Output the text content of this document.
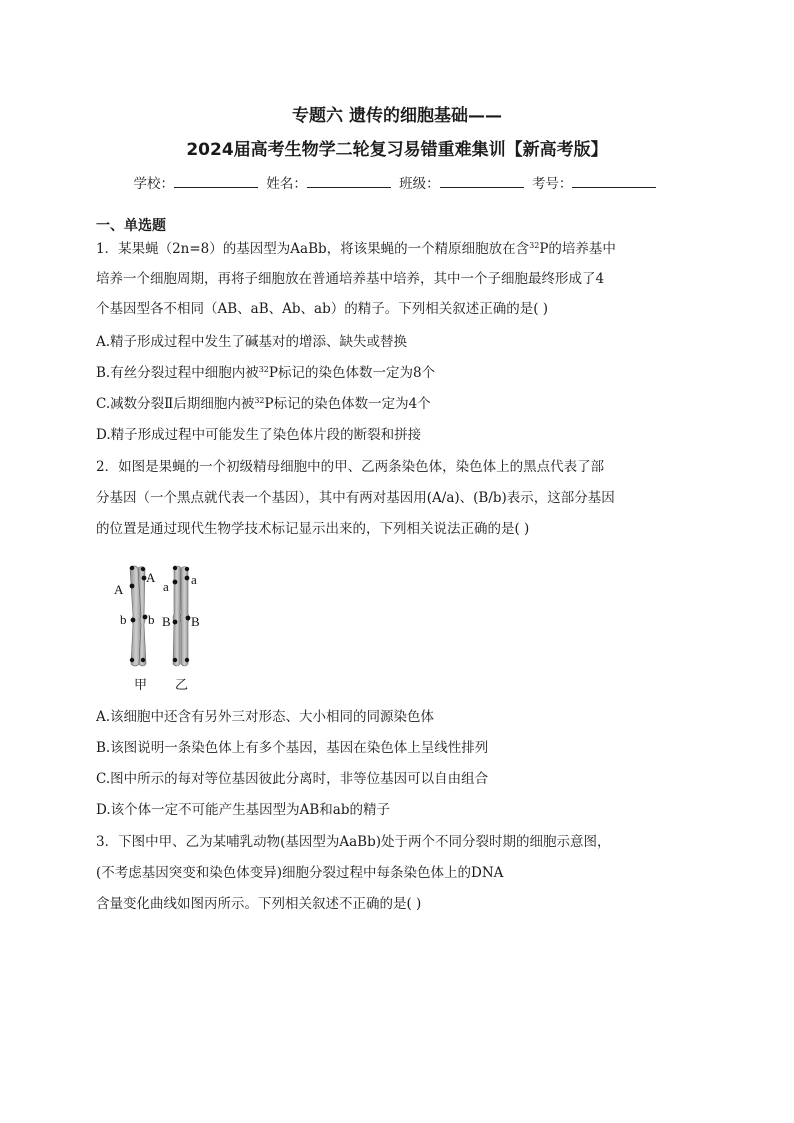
专题六 遗传的细胞基础——
2024届高考生物学二轮复习易错重难集训【新高考版】
学校：	姓名：	班级：	考号：
一、单选题
1．某果蝇（2n=8）的基因型为AaBb，将该果蝇的一个精原细胞放在含$^{32}$P的培养基中
培养一个细胞周期，再将子细胞放在普通培养基中培养，其中一个子细胞最终形成了4
个基因型各不相同（AB、aB、Ab、ab）的精子。下列相关叙述正确的是( )
A.精子形成过程中发生了碱基对的增添、缺失或替换
B.有丝分裂过程中细胞内被$^{32}$P标记的染色体数一定为8个
C.减数分裂Ⅱ后期细胞内被$^{32}$P标记的染色体数一定为4个
D.精子形成过程中可能发生了染色体片段的断裂和拼接
2．如图是果蝇的一个初级精母细胞中的甲、乙两条染色体，染色体上的黑点代表了部
分基因（一个黑点就代表一个基因），其中有两对基因用(A/a)、(B/b)表示，这部分基因
的位置是通过现代生物学技术标记显示出来的，下列相关说法正确的是( )
A
A
b b
a a
B B
甲 乙
A.该细胞中还含有另外三对形态、大小相同的同源染色体
B.该图说明一条染色体上有多个基因，基因在染色体上呈线性排列
C.图中所示的每对等位基因彼此分离时，非等位基因可以自由组合
D.该个体一定不可能产生基因型为AB和ab的精子
3．下图中甲、乙为某哺乳动物(基因型为AaBb)处于两个不同分裂时期的细胞示意图，
(不考虑基因突变和染色体变异)细胞分裂过程中每条染色体上的DNA
含量变化曲线如图丙所示。下列相关叙述不正确的是( )
